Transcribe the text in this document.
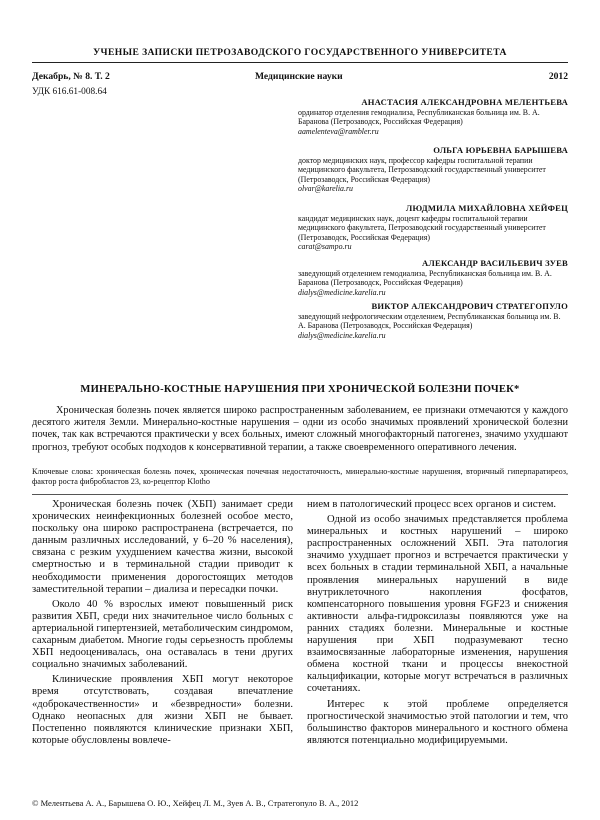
УЧЕНЫЕ ЗАПИСКИ ПЕТРОЗАВОДСКОГО ГОСУДАРСТВЕННОГО УНИВЕРСИТЕТА
Декабрь, № 8. Т. 2	Медицинские науки	2012
УДК 616.61-008.64
АНАСТАСИЯ АЛЕКСАНДРОВНА МЕЛЕНТЬЕВА
ординатор отделения гемодиализа, Республиканская больница им. В. А. Баранова (Петрозаводск, Российская Федерация)
aamelenteva@rambler.ru
ОЛЬГА ЮРЬЕВНА БАРЫШЕВА
доктор медицинских наук, профессор кафедры госпитальной терапии медицинского факультета, Петрозаводский государственный университет (Петрозаводск, Российская Федерация)
olvar@karelia.ru
ЛЮДМИЛА МИХАЙЛОВНА ХЕЙФЕЦ
кандидат медицинских наук, доцент кафедры госпитальной терапии медицинского факультета, Петрозаводский государственный университет (Петрозаводск, Российская Федерация)
carat@sampo.ru
АЛЕКСАНДР ВАСИЛЬЕВИЧ ЗУЕВ
заведующий отделением гемодиализа, Республиканская больница им. В. А. Баранова (Петрозаводск, Российская Федерация)
dialys@medicine.karelia.ru
ВИКТОР АЛЕКСАНДРОВИЧ СТРАТЕГОПУЛО
заведующий нефрологическим отделением, Республиканская больница им. В. А. Баранова (Петрозаводск, Российская Федерация)
dialys@medicine.karelia.ru
МИНЕРАЛЬНО-КОСТНЫЕ НАРУШЕНИЯ ПРИ ХРОНИЧЕСКОЙ БОЛЕЗНИ ПОЧЕК*
Хроническая болезнь почек является широко распространенным заболеванием, ее признаки отмечаются у каждого десятого жителя Земли. Минерально-костные нарушения – одни из особо значимых проявлений хронической болезни почек, так как встречаются практически у всех больных, имеют сложный многофакторный патогенез, значимо ухудшают прогноз, требуют особых подходов к консервативной терапии, а также своевременного оперативного лечения.
Ключевые слова: хроническая болезнь почек, хроническая почечная недостаточность, минерально-костные нарушения, вторичный гиперпаратиреоз, фактор роста фибробластов 23, ко-рецептор Klotho

Хроническая болезнь почек (ХБП) занимает среди хронических неинфекционных болезней особое место, поскольку она широко распространена (встречается, по данным различных исследований, у 6–20 % населения), связана с резким ухудшением качества жизни, высокой смертностью и в терминальной стадии приводит к необходимости применения дорогостоящих методов заместительной терапии – диализа и пересадки почки.

Около 40 % взрослых имеют повышенный риск развития ХБП, среди них значительное число больных с артериальной гипертензией, метаболическим синдромом, сахарным диабетом. Многие годы серьезность проблемы ХБП недооценивалась, она оставалась в тени других социально значимых заболеваний.

Клинические проявления ХБП могут некоторое время отсутствовать, создавая впечатление «доброкачественности» и «безвредности» болезни. Однако неопасных для жизни ХБП не бывает. Постепенно появляются клинические признаки ХБП, которые обусловлены вовлече-

нием в патологический процесс всех органов и систем.

Одной из особо значимых представляется проблема минеральных и костных нарушений – широко распространенных осложнений ХБП. Эта патология значимо ухудшает прогноз и встречается практически у всех больных в стадии терминальной ХБП, а начальные проявления минеральных нарушений в виде внутриклеточного накопления фосфатов, компенсаторного повышения уровня FGF23 и снижения активности альфа-гидроксилазы появляются уже на ранних стадиях болезни. Минеральные и костные нарушения при ХБП подразумевают тесно взаимосвязанные лабораторные изменения, нарушения обмена костной ткани и процессы внекостной кальцификации, которые могут встречаться в различных сочетаниях.

Интерес к этой проблеме определяется прогностической значимостью этой патологии и тем, что большинство факторов минерального и костного обмена являются потенциально модифицируемыми.

© Мелентьева А. А., Барышева О. Ю., Хейфец Л. М., Зуев А. В., Стратегопуло В. А., 2012
